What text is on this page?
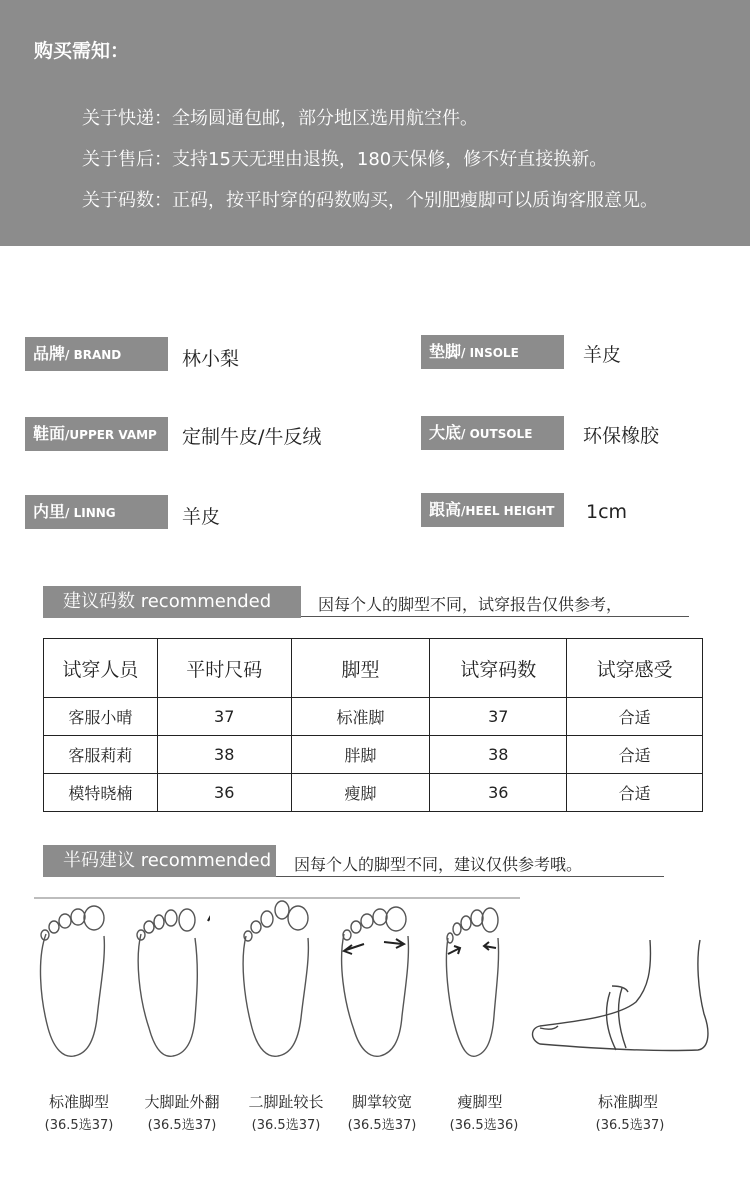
购买需知：
关于快递：全场圆通包邮，部分地区选用航空件。
关于售后：支持15天无理由退换，180天保修，修不好直接换新。
关于码数：正码，按平时穿的码数购买，个别肥瘦脚可以质询客服意见。
品牌/ BRAND	林小梨	垫脚/ INSOLE	羊皮
鞋面/UPPER VAMP	定制牛皮/牛反绒	大底/ OUTSOLE	环保橡胶
内里/ LINNG	羊皮	跟高/HEEL HEIGHT	1cm
建议码数 recommended	因每个人的脚型不同，试穿报告仅供参考，
试穿人员	平时尺码	脚型	试穿码数	试穿感受
客服小晴	37	标准脚	37	合适
客服莉莉	38	胖脚	38	合适
模特晓楠	36	瘦脚	36	合适
半码建议 recommended	因每个人的脚型不同，建议仅供参考哦。
标准脚型
(36.5选37)
大脚趾外翻
(36.5选37)
二脚趾较长
(36.5选37)
脚掌较宽
(36.5选37)
瘦脚型
(36.5选36)
标准脚型
(36.5选37)
